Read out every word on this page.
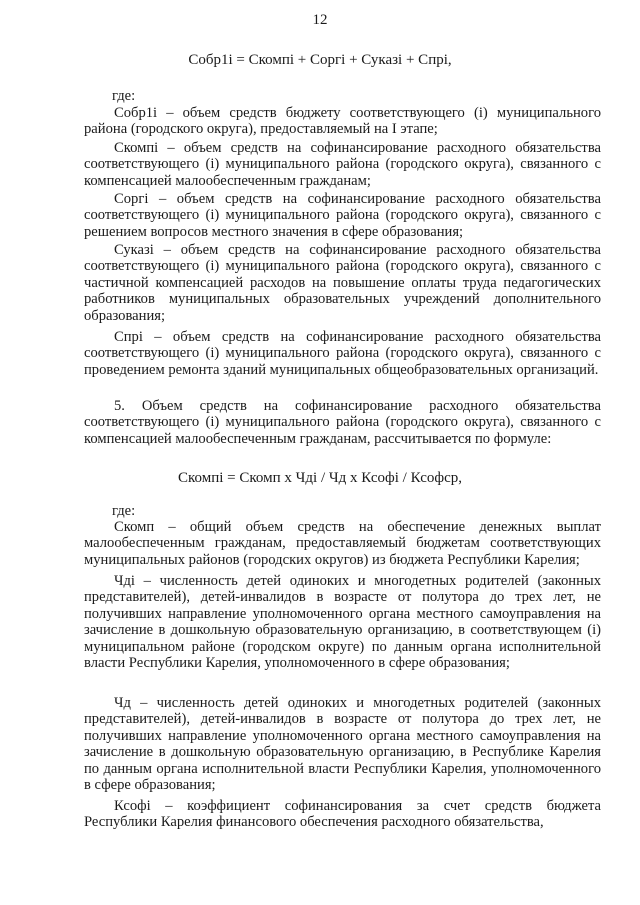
12
Cобр1i = Скомпi + Соргi + Суказi + Спрi,
где:

Cобр1i – объем средств бюджету соответствующего (i) муниципального района (городского округа), предоставляемый на I этапе;

Скомпi – объем средств на софинансирование расходного обязательства соответствующего (i) муниципального района (городского округа), связанного с компенсацией малообеспеченным гражданам;

Соргi – объем средств на софинансирование расходного обязательства соответствующего (i) муниципального района (городского округа), связанного с решением вопросов местного значения в сфере образования;

Суказi – объем средств на софинансирование расходного обязательства соответствующего (i) муниципального района (городского округа), связанного с частичной компенсацией расходов на повышение оплаты труда педагогических работников муниципальных образовательных учреждений дополнительного образования;

Спрi – объем средств на софинансирование расходного обязательства соответствующего (i) муниципального района (городского округа), связанного с проведением ремонта зданий муниципальных общеобразовательных организаций.

5. Объем средств на софинансирование расходного обязательства соответствующего (i) муниципального района (городского округа), связанного с компенсацией малообеспеченным гражданам, рассчитывается по формуле:

Скомпi = Скомп х Чдi / Чд х Ксофi / Ксофср,
где:

Скомп – общий объем средств на обеспечение денежных выплат малообеспеченным гражданам, предоставляемый бюджетам соответствующих муниципальных районов (городских округов) из бюджета Республики Карелия;

Чдi – численность детей одиноких и многодетных родителей (законных представителей), детей-инвалидов в возрасте от полутора до трех лет, не получивших направление уполномоченного органа местного самоуправления на зачисление в дошкольную образовательную организацию, в соответствующем (i) муниципальном районе (городском округе) по данным органа исполнительной власти Республики Карелия, уполномоченного в сфере образования;

Чд – численность детей одиноких и многодетных родителей (законных представителей), детей-инвалидов в возрасте от полутора до трех лет, не получивших направление уполномоченного органа местного самоуправления на зачисление в дошкольную образовательную организацию, в Республике Карелия по данным органа исполнительной власти Республики Карелия, уполномоченного в сфере образования;

Ксофi – коэффициент софинансирования за счет средств бюджета Республики Карелия финансового обеспечения расходного обязательства,
